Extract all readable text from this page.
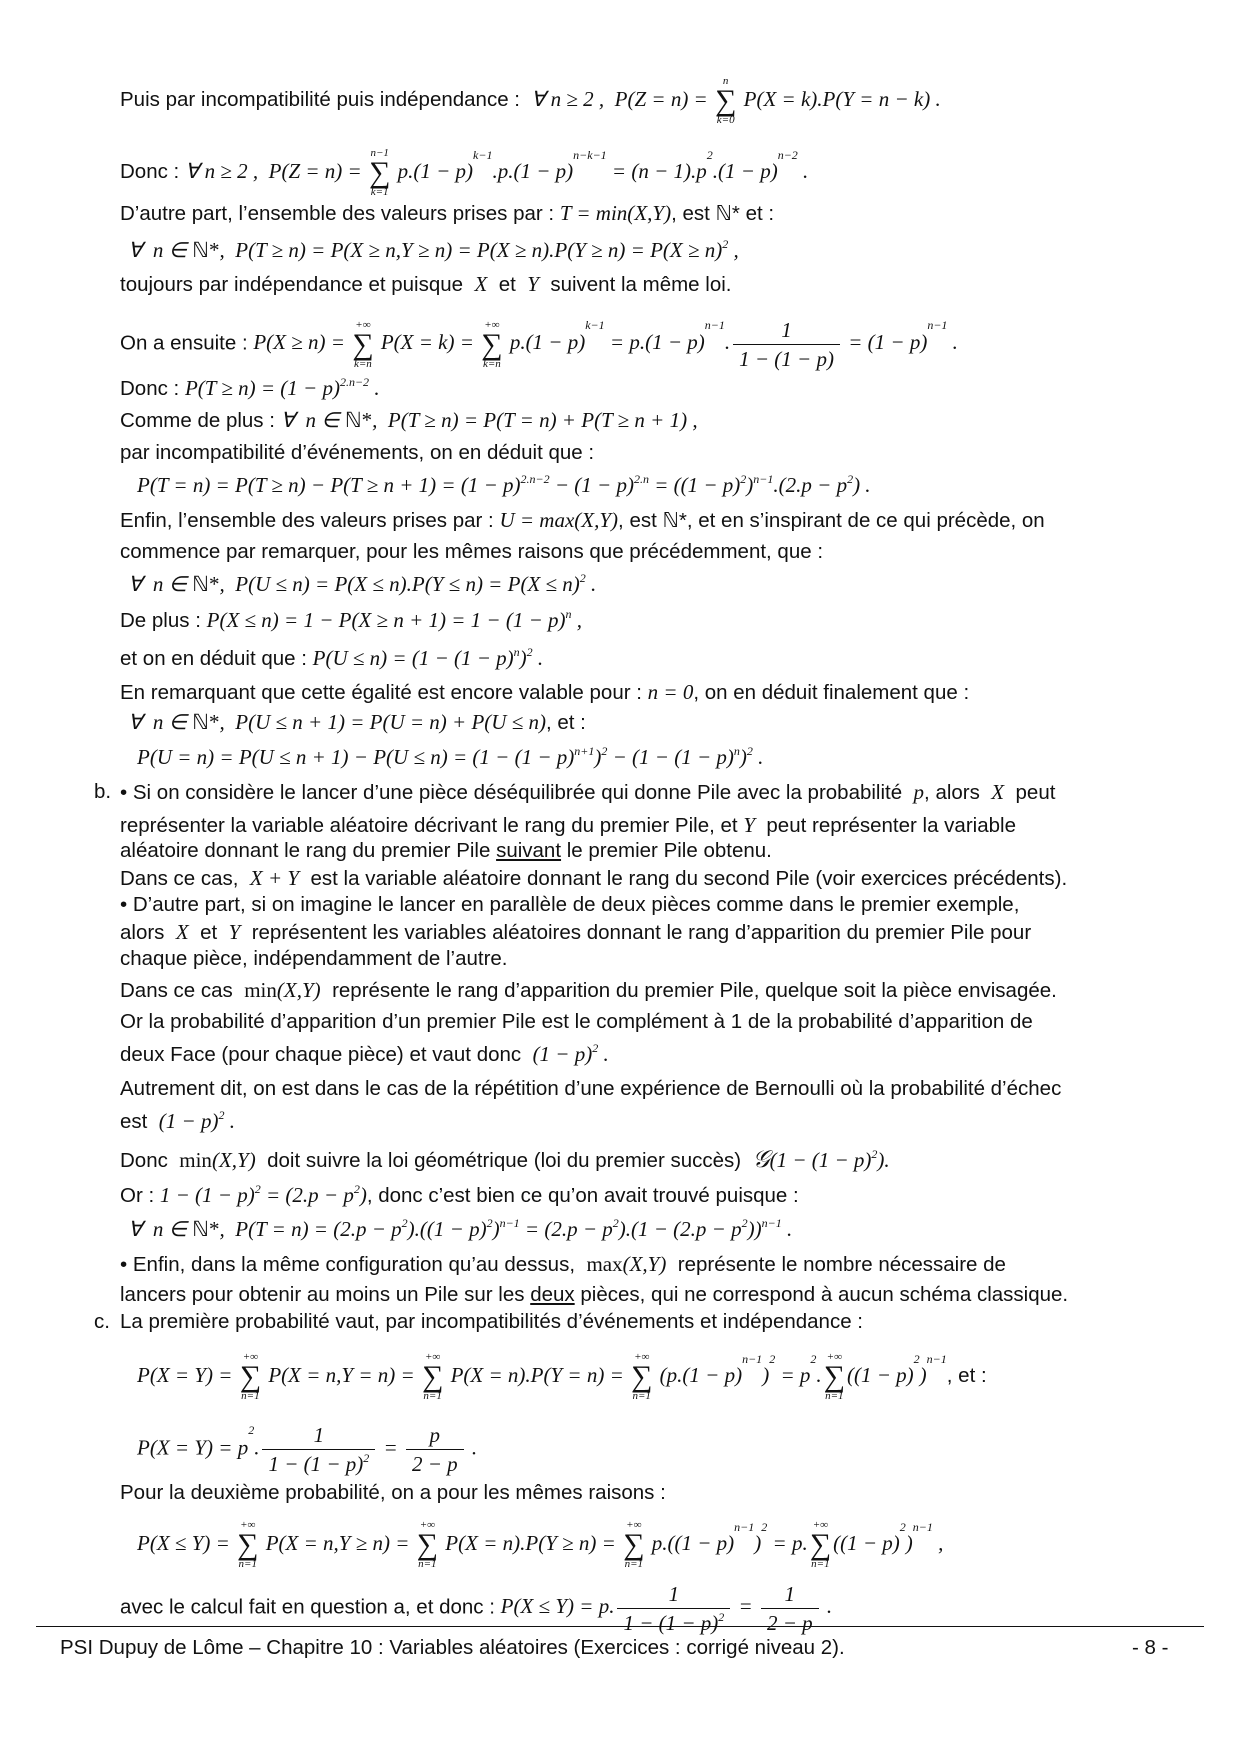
Puis par incompatibilité puis indépendance :  ∀ n ≥ 2 ,  P(Z = n) =
n
∑
k=0
P(X = k).P(Y = n − k) .
Donc : ∀ n ≥ 2 ,  P(Z = n) =
n−1
∑
k=1
$p.(1 - p)^{k-1}.p.(1 - p)^{n-k-1} = (n - 1).p^2.(1 - p)^{n-2}$ .
D’autre part, l’ensemble des valeurs prises par : T = min(X,Y), est ℕ* et :
∀  n ∈ ℕ*,  P(T ≥ n) = P(X ≥ n,Y ≥ n) = P(X ≥ n).P(Y ≥ n) = P(X ≥ n)$^2$ ,
toujours par indépendance et puisque X et Y suivent la même loi.
On a ensuite : P(X ≥ n) =
+∞
∑
k=n
P(X = k) =
+∞
∑
k=n
$p.(1 - p)^{k-1} = p.(1 - p)^{n-1}$. $\frac{1}{1 - (1 - p)} = (1 - p)^{n-1}$ .
Donc : $P(T \ge n) = (1 - p)^{2.n-2}$ .
Comme de plus : ∀  n ∈ ℕ*,  P(T ≥ n) = P(T = n) + P(T ≥ n + 1) ,
par incompatibilité d’événements, on en déduit que :
$P(T = n) = P(T \ge n) - P(T \ge n + 1) = (1 - p)^{2.n-2} - (1 - p)^{2.n} = ((1 - p)^2)^{n-1}.(2.p - p^2)$ .
Enfin, l’ensemble des valeurs prises par : U = max(X,Y), est ℕ*, et en s’inspirant de ce qui précède, on
commence par remarquer, pour les mêmes raisons que précédemment, que :
∀  n ∈ ℕ*,  P(U ≤ n) = P(X ≤ n).P(Y ≤ n) = P(X ≤ n)$^2$ .
De plus : $P(X \le n) = 1 - P(X \ge n + 1) = 1 - (1 - p)^n$ ,
et on en déduit que : $P(U \le n) = (1 - (1 - p)^n)^2$ .
En remarquant que cette égalité est encore valable pour : n = 0, on en déduit finalement que :
∀  n ∈ ℕ*,  P(U ≤ n + 1) = P(U = n) + P(U ≤ n), et :
$P(U = n) = P(U \le n + 1) - P(U \le n) = (1 - (1 - p)^{n+1})^2 - (1 - (1 - p)^n)^2$ .
b. • Si on considère le lancer d’une pièce déséquilibrée qui donne Pile avec la probabilité p, alors X peut
représenter la variable aléatoire décrivant le rang du premier Pile, et Y peut représenter la variable
aléatoire donnant le rang du premier Pile suivant le premier Pile obtenu.
Dans ce cas, X + Y est la variable aléatoire donnant le rang du second Pile (voir exercices précédents).
• D’autre part, si on imagine le lancer en parallèle de deux pièces comme dans le premier exemple,
alors X et Y représentent les variables aléatoires donnant le rang d’apparition du premier Pile pour
chaque pièce, indépendamment de l’autre.
Dans ce cas min(X,Y) représente le rang d’apparition du premier Pile, quelque soit la pièce envisagée.
Or la probabilité d’apparition d’un premier Pile est le complément à 1 de la probabilité d’apparition de
deux Face (pour chaque pièce) et vaut donc $(1 - p)^2$ .
Autrement dit, on est dans le cas de la répétition d’une expérience de Bernoulli où la probabilité d’échec
est $(1 - p)^2$ .
Donc min(X,Y) doit suivre la loi géométrique (loi du premier succès) 𝒢(1 − $(1 - p)^2$).
Or : $1 - (1 - p)^2 = (2.p - p^2)$, donc c’est bien ce qu’on avait trouvé puisque :
∀  n ∈ ℕ*,  $P(T = n) = (2.p - p^2).((1 - p)^2)^{n-1} = (2.p - p^2).(1 - (2.p - p^2))^{n-1}$ .
• Enfin, dans la même configuration qu’au dessus, max(X,Y) représente le nombre nécessaire de
lancers pour obtenir au moins un Pile sur les deux pièces, qui ne correspond à aucun schéma classique.
c. La première probabilité vaut, par incompatibilités d’événements et indépendance :
P(X = Y) =
+∞
∑
n=1
P(X = n,Y = n) =
+∞
∑
n=1
P(X = n).P(Y = n) =
+∞
∑
n=1
$(p.(1 - p)^{n-1})^2 = p^2$.
+∞
∑
n=1
$((1 - p)^2)^{n-1}$, et :
$P(X = Y) = p^2$. $\frac{1}{1 - (1 - p)^2} = \frac{p}{2 - p}$ .
Pour la deuxième probabilité, on a pour les mêmes raisons :
P(X ≤ Y) =
+∞
∑
n=1
P(X = n,Y ≥ n) =
+∞
∑
n=1
P(X = n).P(Y ≥ n) =
+∞
∑
n=1
$p.((1 - p)^{n-1})^2 = p$.
+∞
∑
n=1
$((1 - p)^2)^{n-1}$ ,
avec le calcul fait en question a, et donc : P(X ≤ Y) = p. $\frac{1}{1 - (1 - p)^2} = \frac{1}{2 - p}$ .
PSI Dupuy de Lôme – Chapitre 10 : Variables aléatoires (Exercices : corrigé niveau 2).	- 8 -
